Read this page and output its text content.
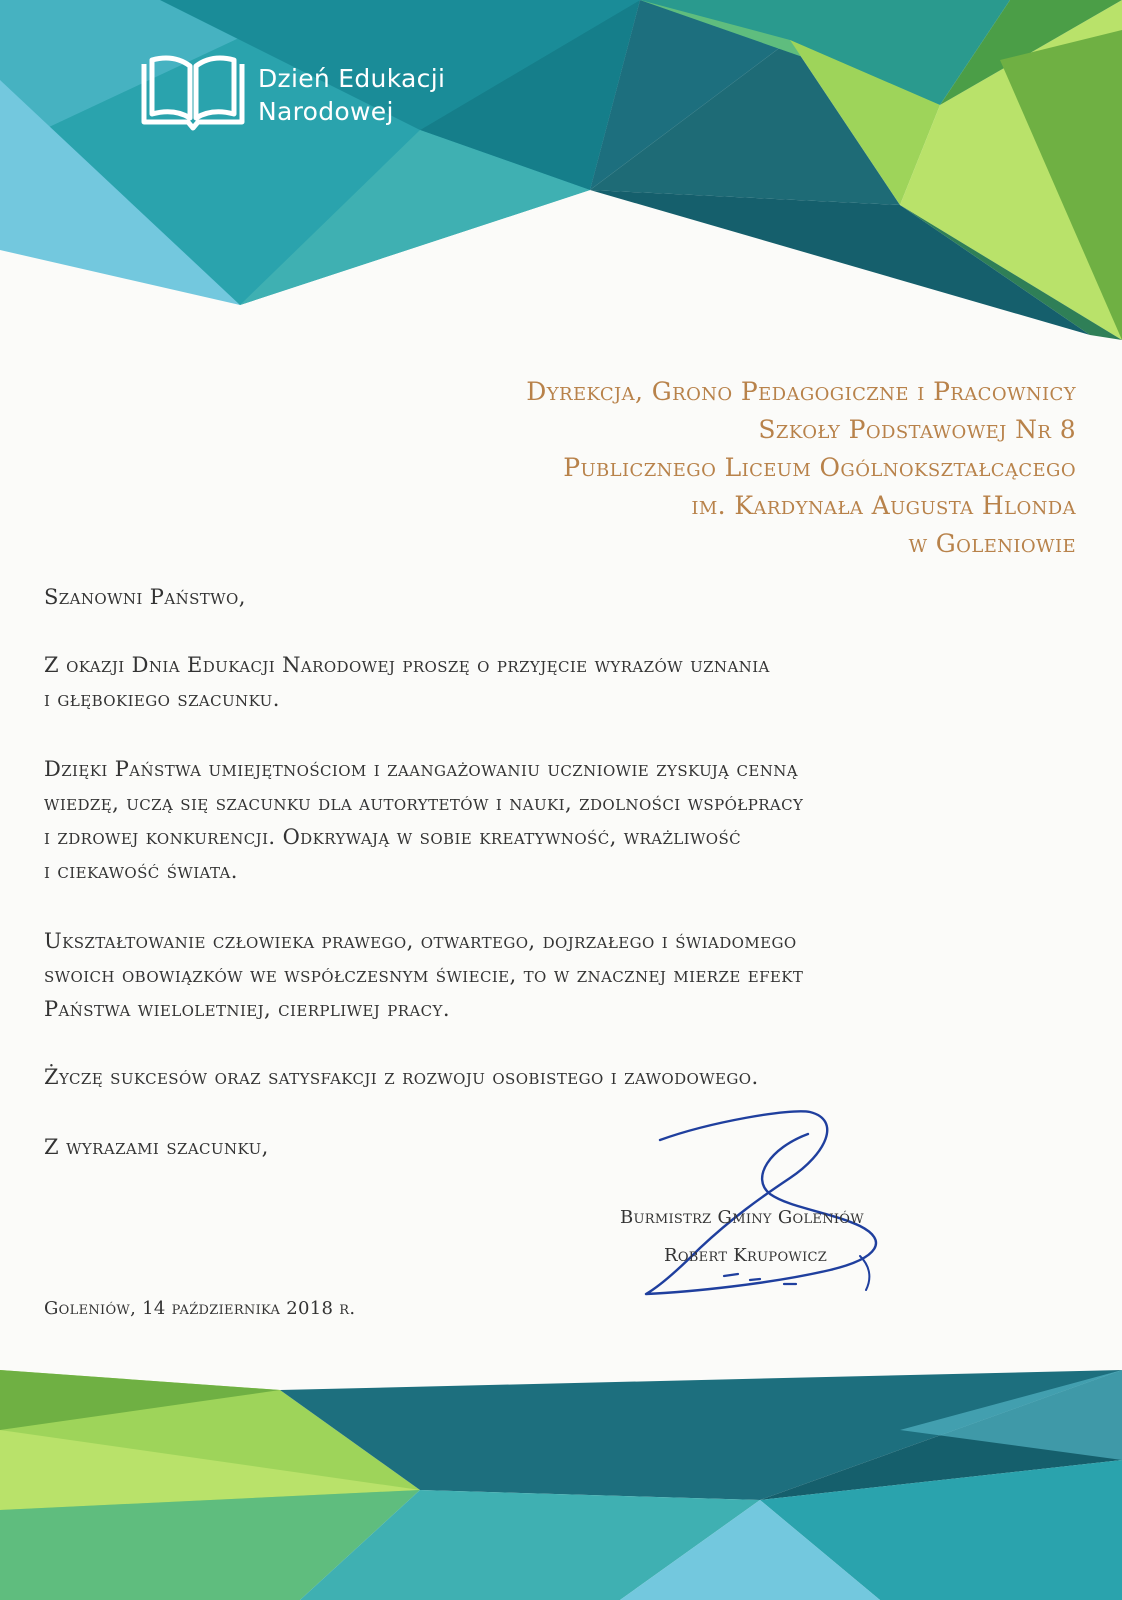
Dzień Edukacji
Narodowej
Dyrekcja, Grono Pedagogiczne i Pracownicy
Szkoły Podstawowej Nr 8
Publicznego Liceum Ogólnokształcącego
im. Kardynała Augusta Hlonda
w Goleniowie

Szanowni Państwo,

Z okazji Dnia Edukacji Narodowej proszę o przyjęcie wyrazów uznania
i głębokiego szacunku.

Dzięki Państwa umiejętnościom i zaangażowaniu uczniowie zyskują cenną
wiedzę, uczą się szacunku dla autorytetów i nauki, zdolności współpracy
i zdrowej konkurencji. Odkrywają w sobie kreatywność, wrażliwość
i ciekawość świata.

Ukształtowanie człowieka prawego, otwartego, dojrzałego i świadomego
swoich obowiązków we współczesnym świecie, to w znacznej mierze efekt
Państwa wieloletniej, cierpliwej pracy.

Życzę sukcesów oraz satysfakcji z rozwoju osobistego i zawodowego.

Z wyrazami szacunku,

Burmistrz Gminy Goleniów
Robert Krupowicz
Goleniów, 14 października 2018 r.
